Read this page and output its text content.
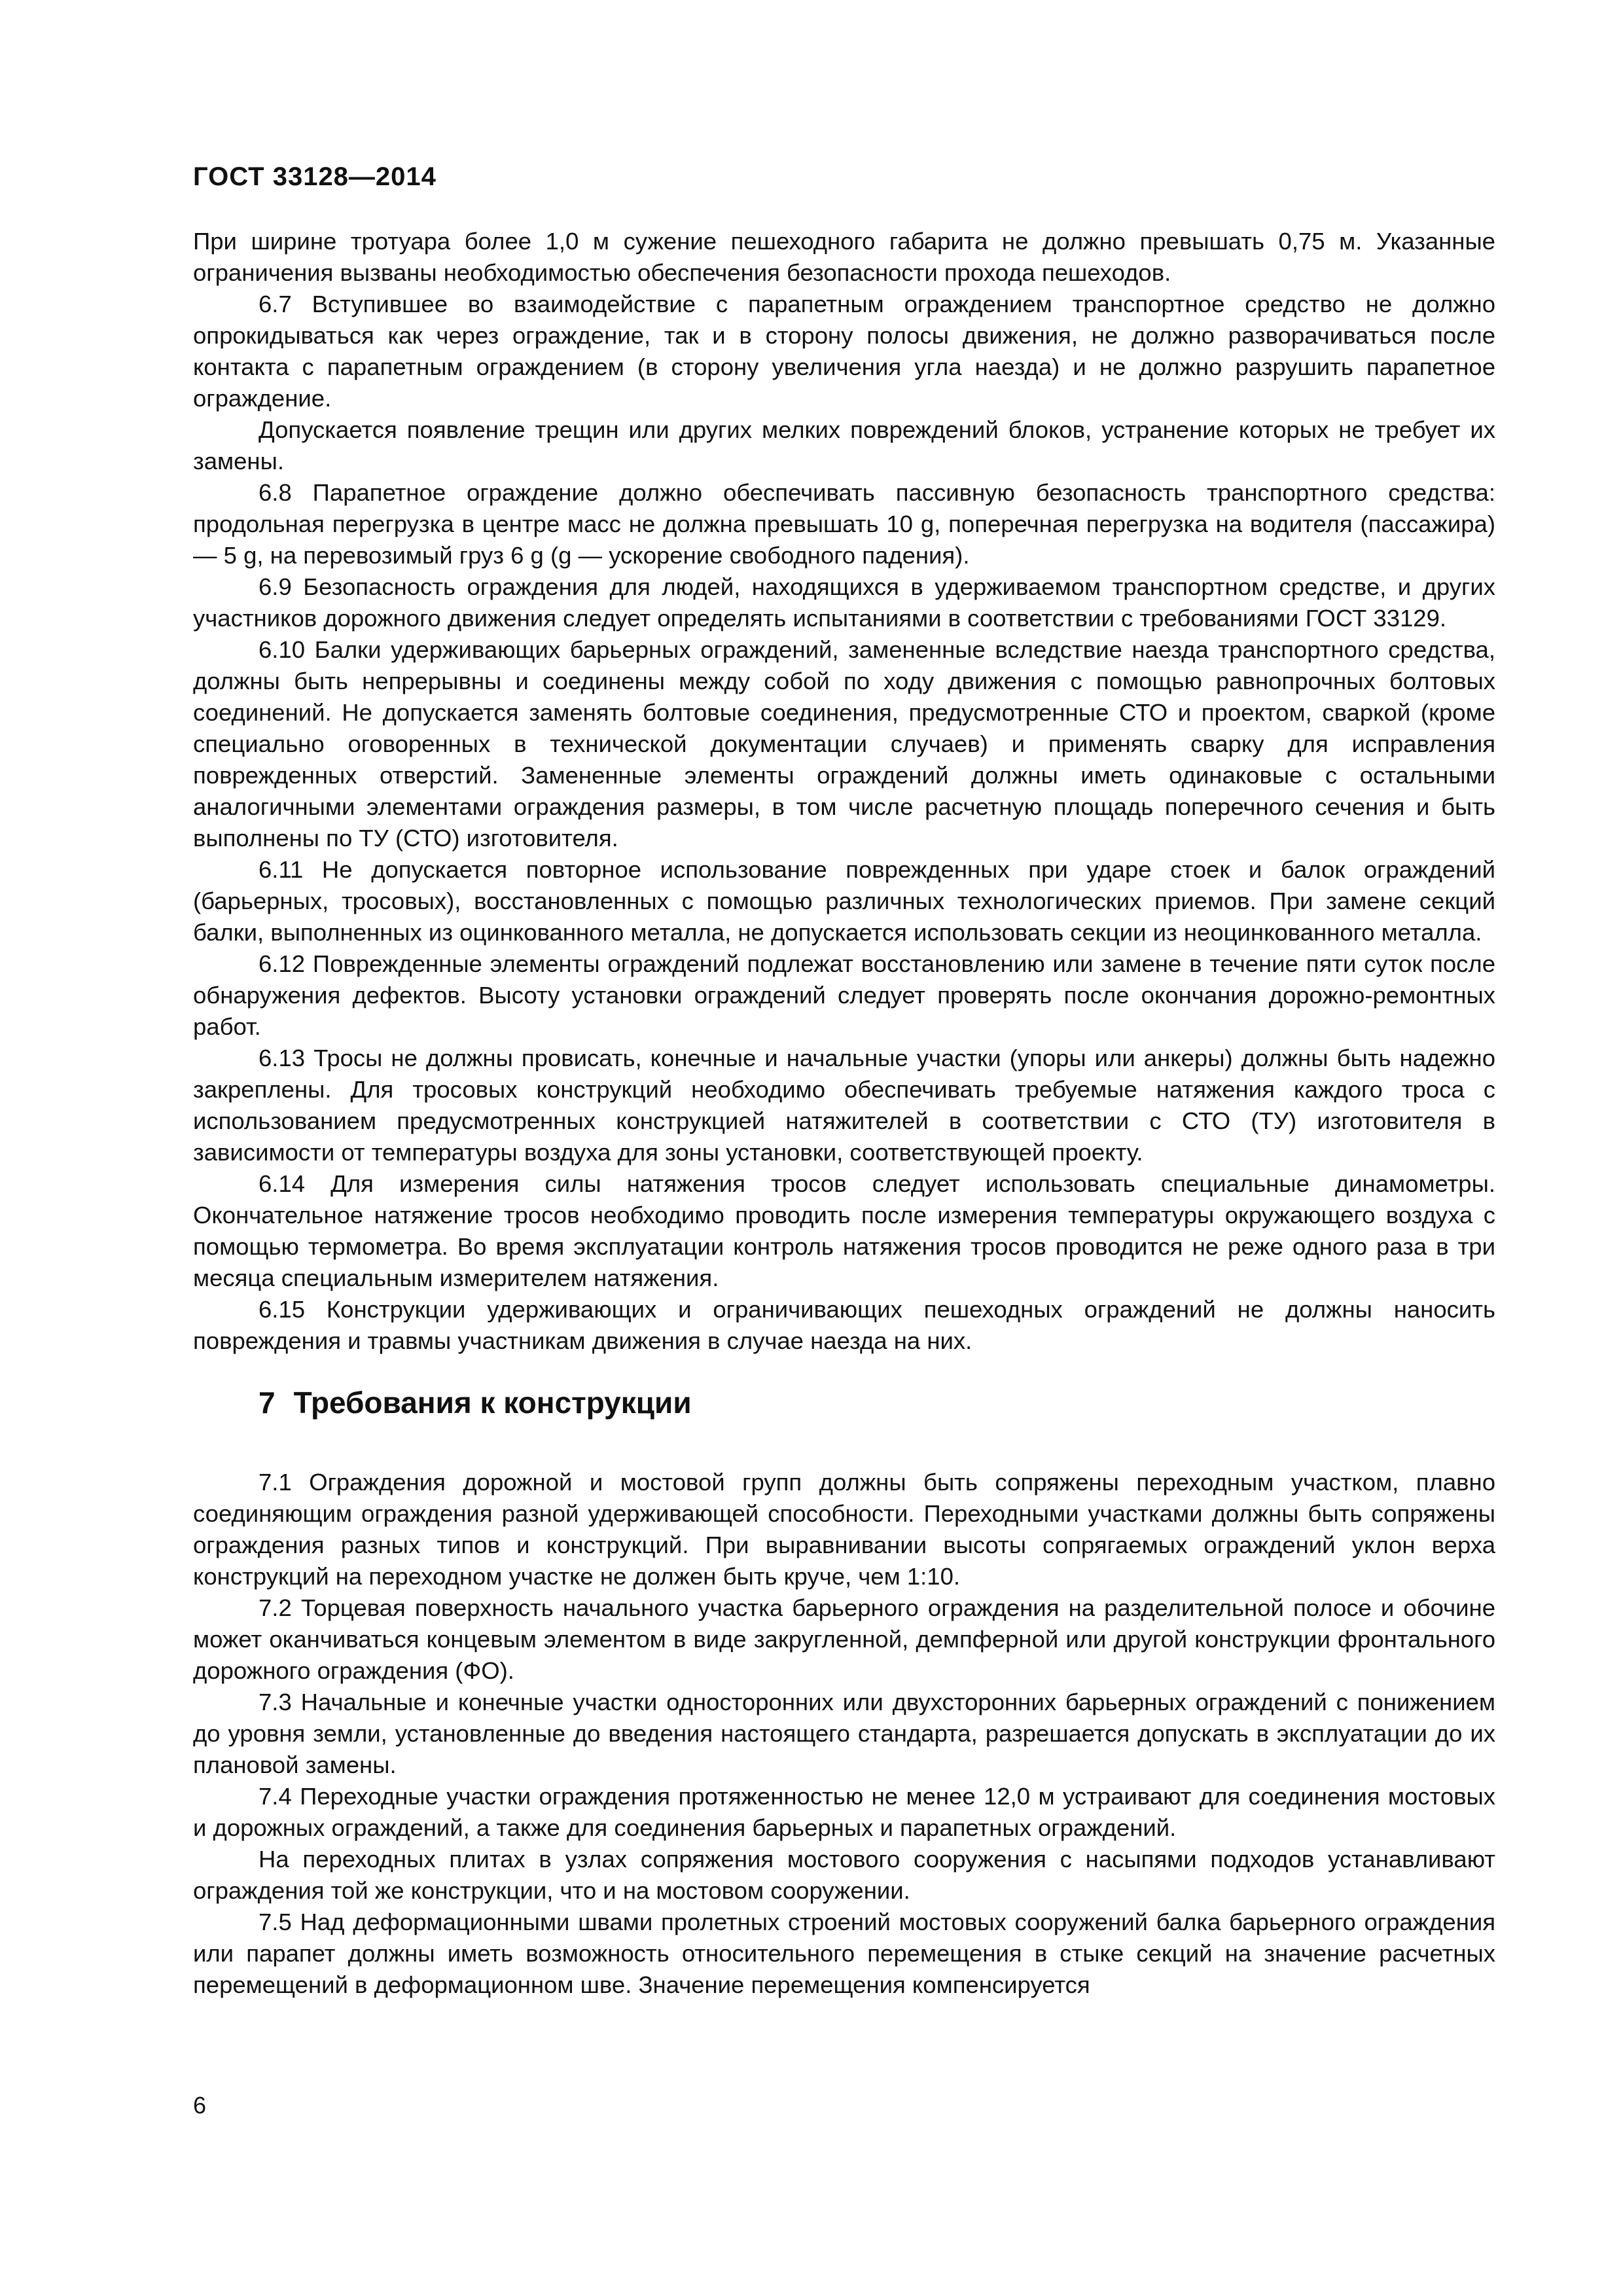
ГОСТ 33128—2014

При ширине тротуара более 1,0 м сужение пешеходного габарита не должно превышать 0,75 м. Указанные ограничения вызваны необходимостью обеспечения безопасности прохода пешеходов.

6.7 Вступившее во взаимодействие с парапетным ограждением транспортное средство не должно опрокидываться как через ограждение, так и в сторону полосы движения, не должно разворачиваться после контакта с парапетным ограждением (в сторону увеличения угла наезда) и не должно разрушить парапетное ограждение.

Допускается появление трещин или других мелких повреждений блоков, устранение которых не требует их замены.

6.8 Парапетное ограждение должно обеспечивать пассивную безопасность транспортного средства: продольная перегрузка в центре масс не должна превышать 10 g, поперечная перегрузка на водителя (пассажира) — 5 g, на перевозимый груз 6 g (g — ускорение свободного падения).

6.9 Безопасность ограждения для людей, находящихся в удерживаемом транспортном средстве, и других участников дорожного движения следует определять испытаниями в соответствии с требованиями ГОСТ 33129.

6.10 Балки удерживающих барьерных ограждений, замененные вследствие наезда транспортного средства, должны быть непрерывны и соединены между собой по ходу движения с помощью равнопрочных болтовых соединений. Не допускается заменять болтовые соединения, предусмотренные СТО и проектом, сваркой (кроме специально оговоренных в технической документации случаев) и применять сварку для исправления поврежденных отверстий. Замененные элементы ограждений должны иметь одинаковые с остальными аналогичными элементами ограждения размеры, в том числе расчетную площадь поперечного сечения и быть выполнены по ТУ (СТО) изготовителя.

6.11 Не допускается повторное использование поврежденных при ударе стоек и балок ограждений (барьерных, тросовых), восстановленных с помощью различных технологических приемов. При замене секций балки, выполненных из оцинкованного металла, не допускается использовать секции из неоцинкованного металла.

6.12 Поврежденные элементы ограждений подлежат восстановлению или замене в течение пяти суток после обнаружения дефектов. Высоту установки ограждений следует проверять после окончания дорожно-ремонтных работ.

6.13 Тросы не должны провисать, конечные и начальные участки (упоры или анкеры) должны быть надежно закреплены. Для тросовых конструкций необходимо обеспечивать требуемые натяжения каждого троса с использованием предусмотренных конструкцией натяжителей в соответствии с СТО (ТУ) изготовителя в зависимости от температуры воздуха для зоны установки, соответствующей проекту.

6.14 Для измерения силы натяжения тросов следует использовать специальные динамометры. Окончательное натяжение тросов необходимо проводить после измерения температуры окружающего воздуха с помощью термометра. Во время эксплуатации контроль натяжения тросов проводится не реже одного раза в три месяца специальным измерителем натяжения.

6.15 Конструкции удерживающих и ограничивающих пешеходных ограждений не должны наносить повреждения и травмы участникам движения в случае наезда на них.

7 Требования к конструкции

7.1 Ограждения дорожной и мостовой групп должны быть сопряжены переходным участком, плавно соединяющим ограждения разной удерживающей способности. Переходными участками должны быть сопряжены ограждения разных типов и конструкций. При выравнивании высоты сопрягаемых ограждений уклон верха конструкций на переходном участке не должен быть круче, чем 1:10.

7.2 Торцевая поверхность начального участка барьерного ограждения на разделительной полосе и обочине может оканчиваться концевым элементом в виде закругленной, демпферной или другой конструкции фронтального дорожного ограждения (ФО).

7.3 Начальные и конечные участки односторонних или двухсторонних барьерных ограждений с понижением до уровня земли, установленные до введения настоящего стандарта, разрешается допускать в эксплуатации до их плановой замены.

7.4 Переходные участки ограждения протяженностью не менее 12,0 м устраивают для соединения мостовых и дорожных ограждений, а также для соединения барьерных и парапетных ограждений.

На переходных плитах в узлах сопряжения мостового сооружения с насыпями подходов устанавливают ограждения той же конструкции, что и на мостовом сооружении.

7.5 Над деформационными швами пролетных строений мостовых сооружений балка барьерного ограждения или парапет должны иметь возможность относительного перемещения в стыке секций на значение расчетных перемещений в деформационном шве. Значение перемещения компенсируется

6
